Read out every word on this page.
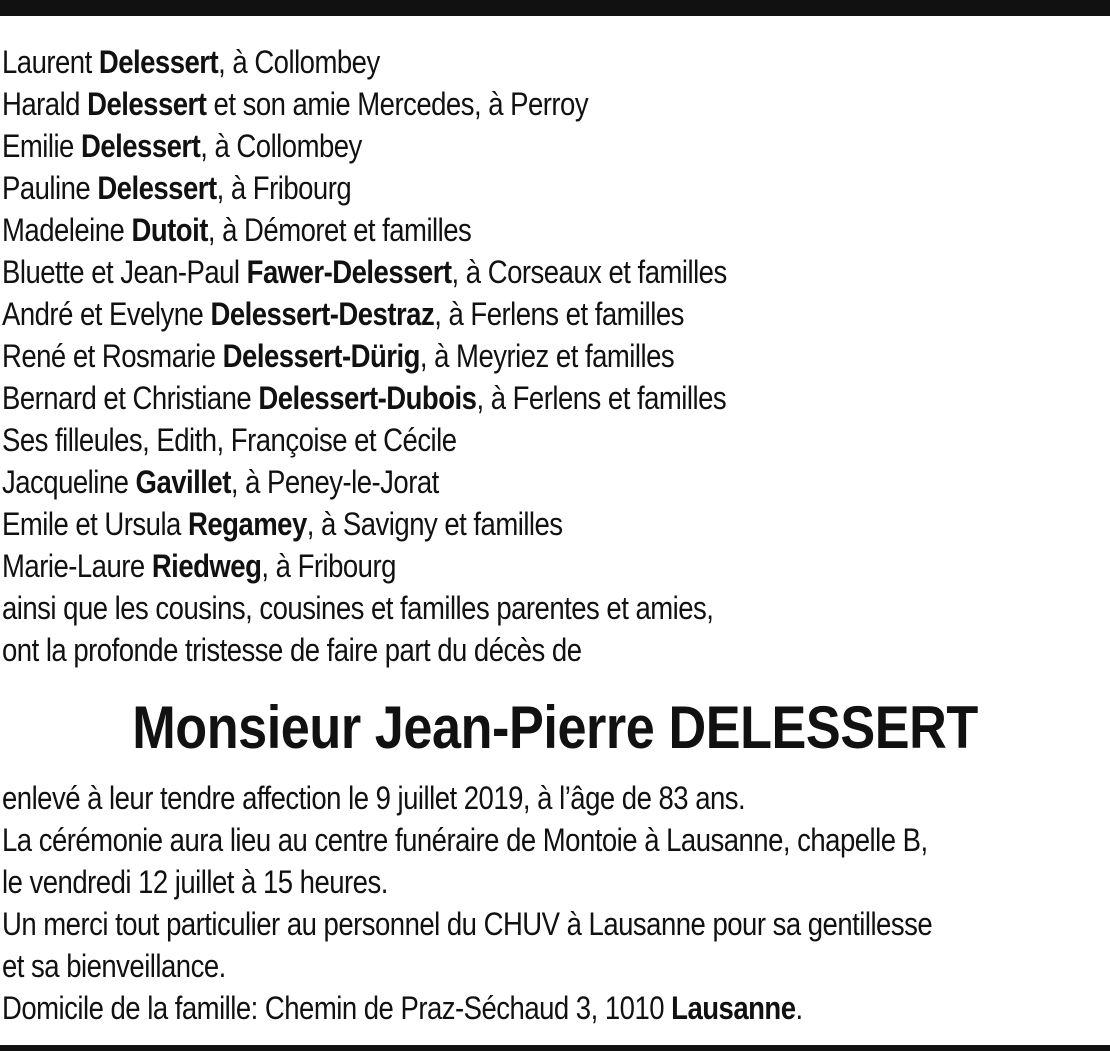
Laurent Delessert, à Collombey
Harald Delessert et son amie Mercedes, à Perroy
Emilie Delessert, à Collombey
Pauline Delessert, à Fribourg
Madeleine Dutoit, à Démoret et familles
Bluette et Jean-Paul Fawer-Delessert, à Corseaux et familles
André et Evelyne Delessert-Destraz, à Ferlens et familles
René et Rosmarie Delessert-Dürig, à Meyriez et familles
Bernard et Christiane Delessert-Dubois, à Ferlens et familles
Ses filleules, Edith, Françoise et Cécile
Jacqueline Gavillet, à Peney-le-Jorat
Emile et Ursula Regamey, à Savigny et familles
Marie-Laure Riedweg, à Fribourg
ainsi que les cousins, cousines et familles parentes et amies,
ont la profonde tristesse de faire part du décès de
Monsieur Jean-Pierre DELESSERT
enlevé à leur tendre affection le 9 juillet 2019, à l’âge de 83 ans.
La cérémonie aura lieu au centre funéraire de Montoie à Lausanne, chapelle B,
le vendredi 12 juillet à 15 heures.
Un merci tout particulier au personnel du CHUV à Lausanne pour sa gentillesse
et sa bienveillance.
Domicile de la famille: Chemin de Praz-Séchaud 3, 1010 Lausanne.
